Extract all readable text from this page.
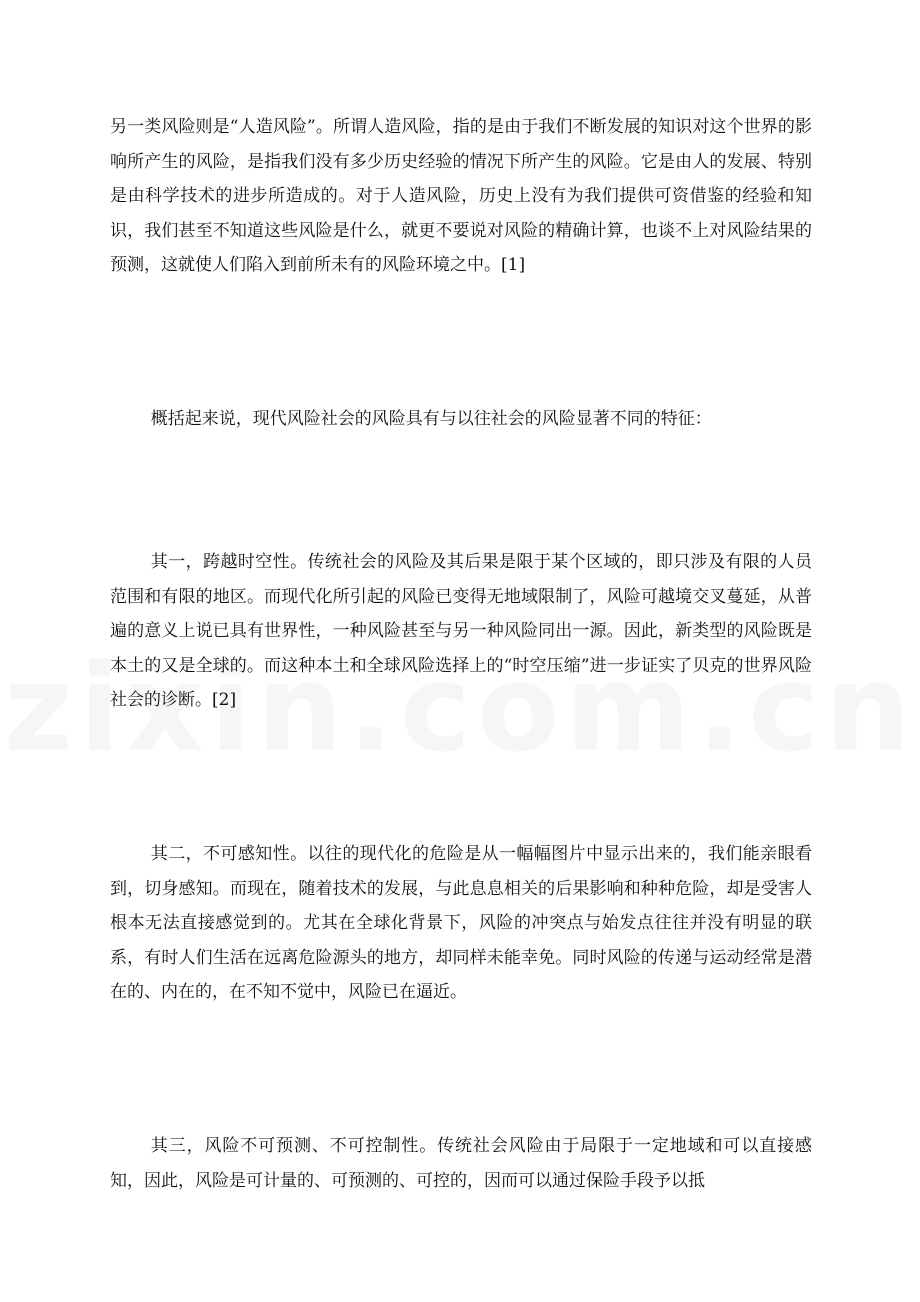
另一类风险则是“人造风险”。所谓人造风险，指的是由于我们不断发展的知识对这个世界的影响所产生的风险，是指我们没有多少历史经验的情况下所产生的风险。它是由人的发展、特别是由科学技术的进步所造成的。对于人造风险，历史上没有为我们提供可资借鉴的经验和知识，我们甚至不知道这些风险是什么，就更不要说对风险的精确计算，也谈不上对风险结果的预测，这就使人们陷入到前所未有的风险环境之中。[1]

概括起来说，现代风险社会的风险具有与以往社会的风险显著不同的特征：

其一，跨越时空性。传统社会的风险及其后果是限于某个区域的，即只涉及有限的人员范围和有限的地区。而现代化所引起的风险已变得无地域限制了，风险可越境交叉蔓延，从普遍的意义上说已具有世界性，一种风险甚至与另一种风险同出一源。因此，新类型的风险既是本土的又是全球的。而这种本土和全球风险选择上的“时空压缩”进一步证实了贝克的世界风险社会的诊断。[2]

其二，不可感知性。以往的现代化的危险是从一幅幅图片中显示出来的，我们能亲眼看到，切身感知。而现在，随着技术的发展，与此息息相关的后果影响和种种危险，却是受害人根本无法直接感觉到的。尤其在全球化背景下，风险的冲突点与始发点往往并没有明显的联系，有时人们生活在远离危险源头的地方，却同样未能幸免。同时风险的传递与运动经常是潜在的、内在的，在不知不觉中，风险已在逼近。

其三，风险不可预测、不可控制性。传统社会风险由于局限于一定地域和可以直接感知，因此，风险是可计量的、可预测的、可控的，因而可以通过保险手段予以抵
